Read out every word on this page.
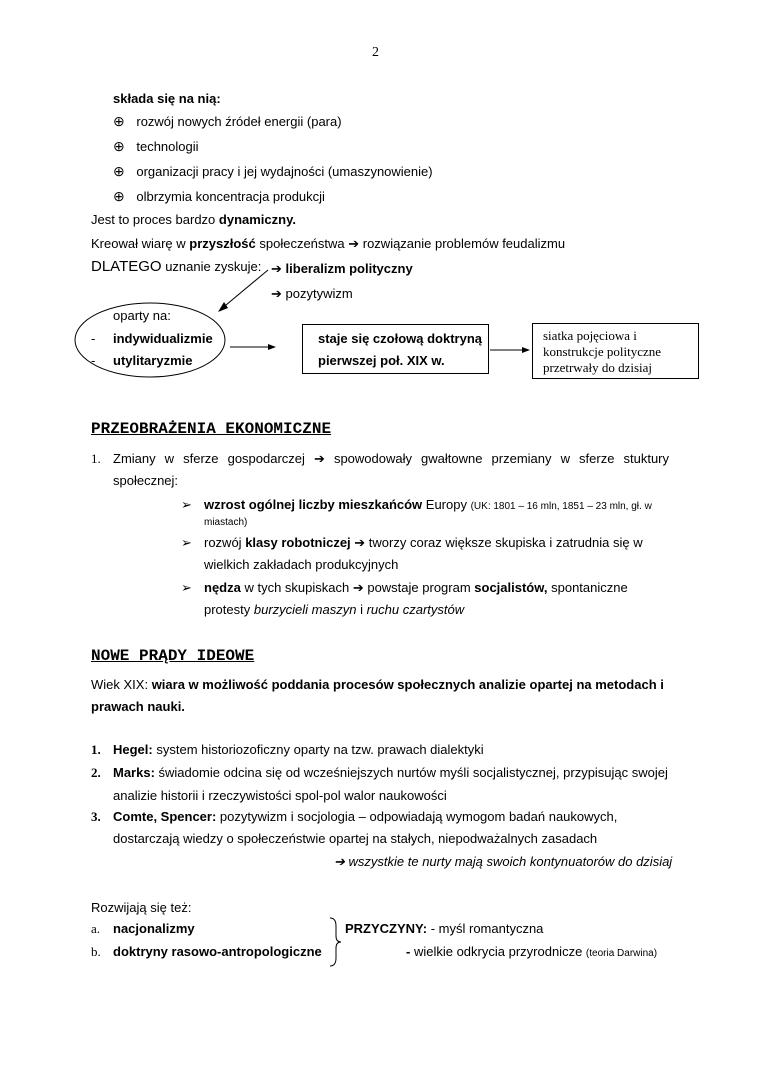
2
składa się na nią:
⊕ rozwój nowych źródeł energii (para)
⊕ technologii
⊕ organizacji pracy i jej wydajności (umaszynowienie)
⊕ olbrzymia koncentracja produkcji
Jest to proces bardzo dynamiczny.
Kreował wiarę w przyszłość społeczeństwa ➔ rozwiązanie problemów feudalizmu
DLATEGO uznanie zyskuje: ➔ liberalizm polityczny
➔ pozytywizm
oparty na:
- indywidualizmie
- utylitaryzmie
staje się czołową doktryną
pierwszej poł. XIX w.
siatka pojęciowa i
konstrukcje polityczne
przetrwały do dzisiaj
PRZEOBRAŻENIA EKONOMICZNE
1. Zmiany w sferze gospodarczej ➔ spowodowały gwałtowne przemiany w sferze stuktury
społecznej:
➢ wzrost ogólnej liczby mieszkańców Europy (UK: 1801 – 16 mln, 1851 – 23 mln, gł. w
miastach)
➢ rozwój klasy robotniczej ➔ tworzy coraz większe skupiska i zatrudnia się w
wielkich zakładach produkcyjnych
➢ nędza w tych skupiskach ➔ powstaje program socjalistów, spontaniczne
protesty burzycieli maszyn i ruchu czartystów
NOWE PRĄDY IDEOWE
Wiek XIX: wiara w możliwość poddania procesów społecznych analizie opartej na metodach i
prawach nauki.
1. Hegel: system historiozoficzny oparty na tzw. prawach dialektyki
2. Marks: świadomie odcina się od wcześniejszych nurtów myśli socjalistycznej, przypisując swojej
analizie historii i rzeczywistości spol-pol walor naukowości
3. Comte, Spencer: pozytywizm i socjologia – odpowiadają wymogom badań naukowych,
dostarczają wiedzy o społeczeństwie opartej na stałych, niepodważalnych zasadach
➔ wszystkie te nurty mają swoich kontynuatorów do dzisiaj
Rozwijają się też:
a. nacjonalizmy
b. doktryny rasowo-antropologiczne
PRZYCZYNY: - myśl romantyczna
- wielkie odkrycia przyrodnicze (teoria Darwina)
